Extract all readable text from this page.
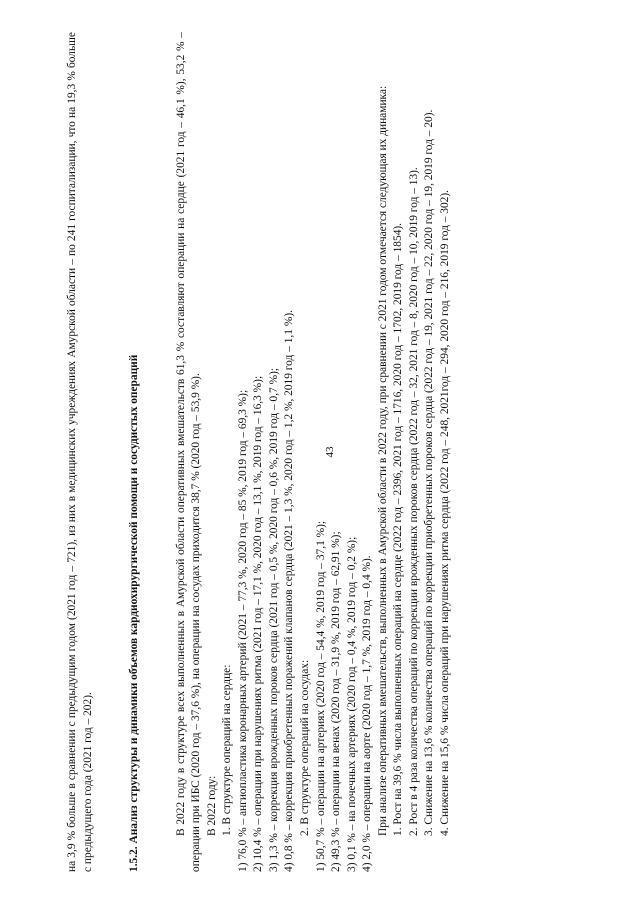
43

на 3,9 % больше в сравнении с предыдущим годом (2021 год – 721), из них в медицинских учреждениях Амурской области – по 241 госпитализации, что на 19,3 % больше с предыдущего года (2021 год – 202).	1.5.2. Анализ структуры и динамики объемов кардиохирургической помощи и сосудистых операций	В 2022 году в структуре всех выполненных в Амурской области оперативных вмешательств 61,3 % составляют операции на сердце (2021 год – 46,1 %), 53,2 % – операции при ИБС (2020 год – 37,6 %), на операции на сосудах приходится 38,7 % (2020 год – 53,9 %). В 2022 году: 1. В структуре операций на сердце: 1) 76,0 % – ангиопластика коронарных артерий (2021 – 77,3 %, 2020 год – 85 %, 2019 год – 69,3 %); 2) 10,4 % – операции при нарушениях ритма (2021 год – 17,1 %, 2020 год – 13,1 %, 2019 год – 16,3 %); 3) 1,3 % – коррекция врожденных пороков сердца (2021 год – 0,5 %, 2020 год – 0,6 %, 2019 год – 0,7 %); 4) 0,8 % – коррекция приобретенных поражений клапанов сердца (2021 – 1,3 %, 2020 год – 1,2 %, 2019 год – 1,1 %). 2. В структуре операций на сосудах: 1) 50,7 % – операции на артериях (2020 год – 54,4 %, 2019 год – 37,1 %); 2) 49,3 % – операции на венах (2020 год – 31,9 %, 2019 год – 62,91 %); 3) 0,1 % – на почечных артериях (2020 год – 0,4 %, 2019 год – 0,2 %); 4) 2,0 % – операции на аорте (2020 год – 1,7 %, 2019 год – 0,4 %). При анализе оперативных вмешательств, выполненных в Амурской области в 2022 году, при сравнении с 2021 годом отмечается следующая их динамика: 1. Рост на 39,6 % числа выполненных операций на сердце (2022 год – 2396, 2021 год – 1716, 2020 год – 1702, 2019 год – 1854). 2. Рост в 4 раза количества операций по коррекции врожденных пороков сердца (2022 год – 32, 2021 год – 8, 2020 год – 10, 2019 год – 13). 3. Снижение на 13,6 % количества операций по коррекции приобретенных пороков сердца (2022 год – 19, 2021 год – 22, 2020 год – 19, 2019 год – 20). 4. Снижение на 15,6 % числа операций при нарушениях ритма сердца (2022 год – 248, 2021год – 294, 2020 год – 216, 2019 год – 302).
